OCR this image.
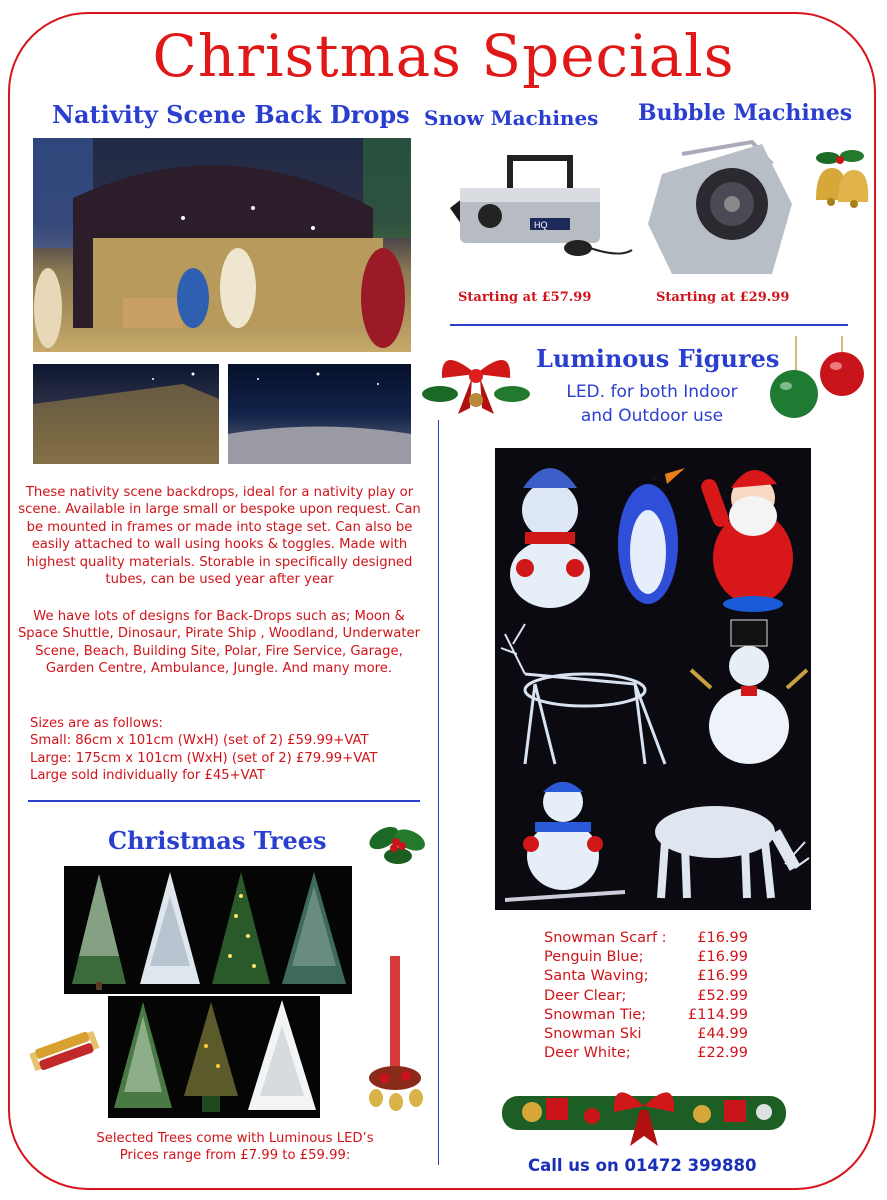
Christmas Specials
Nativity Scene Back Drops
These nativity scene backdrops, ideal for a nativity play or scene. Available in large small or bespoke upon request. Can be mounted in frames or made into stage set. Can also be easily attached to wall using hooks & toggles. Made with highest quality materials. Storable in specifically designed tubes, can be used year after year
We have lots of designs for Back-Drops such as; Moon & Space Shuttle, Dinosaur, Pirate Ship , Woodland, Underwater Scene, Beach, Building Site, Polar, Fire Service, Garage, Garden Centre, Ambulance, Jungle. And many more.
Sizes are as follows:
Small: 86cm x 101cm (WxH) (set of 2) £59.99+VAT
Large: 175cm x 101cm (WxH) (set of 2) £79.99+VAT
Large sold individually for £45+VAT
Christmas Trees
Selected Trees come with Luminous LED’s
Prices range from £7.99 to £59.99:
Snow Machines Bubble Machines
HQ
Starting at £57.99	Starting at £29.99
Luminous Figures
LED. for both Indoor
and Outdoor use
Snowman Scarf : £16.99
Penguin Blue;	£16.99
Santa Waving;	£16.99
Deer Clear;	£52.99
Snowman Tie;	£114.99
Snowman Ski	£44.99
Deer White;	£22.99
Call us on 01472 399880
